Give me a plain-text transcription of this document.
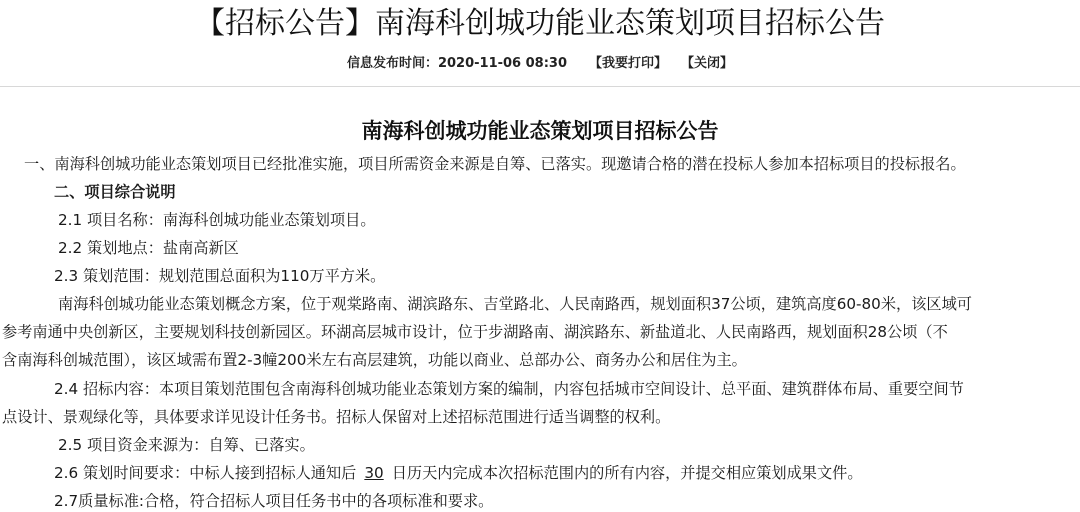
【招标公告】南海科创城功能业态策划项目招标公告
信息发布时间：2020-11-06 08:30 【我要打印】 【关闭】
南海科创城功能业态策划项目招标公告
一、南海科创城功能业态策划项目已经批准实施，项目所需资金来源是自筹、已落实。现邀请合格的潜在投标人参加本招标项目的投标报名。
二、项目综合说明
2.1 项目名称：南海科创城功能业态策划项目。
2.2 策划地点：盐南高新区
2.3 策划范围：规划范围总面积为110万平方米。
南海科创城功能业态策划概念方案，位于观棠路南、湖滨路东、吉堂路北、人民南路西，规划面积37公顷，建筑高度60-80米，该区域可
参考南通中央创新区，主要规划科技创新园区。环湖高层城市设计，位于步湖路南、湖滨路东、新盐道北、人民南路西，规划面积28公顷（不
含南海科创城范围），该区域需布置2-3幢200米左右高层建筑，功能以商业、总部办公、商务办公和居住为主。
2.4 招标内容：本项目策划范围包含南海科创城功能业态策划方案的编制，内容包括城市空间设计、总平面、建筑群体布局、重要空间节
点设计、景观绿化等，具体要求详见设计任务书。招标人保留对上述招标范围进行适当调整的权利。
2.5 项目资金来源为：自筹、已落实。
2.6 策划时间要求：中标人接到招标人通知后 30 日历天内完成本次招标范围内的所有内容，并提交相应策划成果文件。
2.7质量标准:合格，符合招标人项目任务书中的各项标准和要求。
